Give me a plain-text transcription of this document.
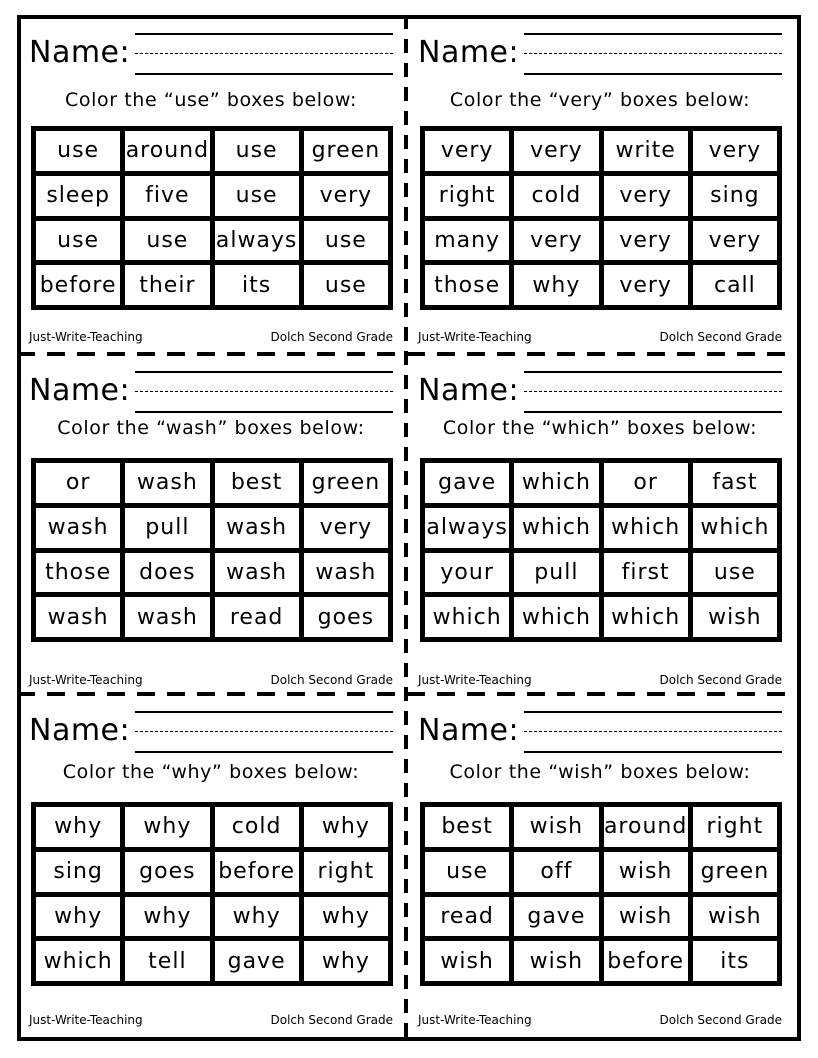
Name:
Color the “use” boxes below:
use	around	use	green
sleep	five	use	very
use	use	always	use
before	their	its	use
Just-Write-Teaching	Dolch Second Grade
Name:
Color the “very” boxes below:
very	very	write	very
right	cold	very	sing
many	very	very	very
those	why	very	call
Just-Write-Teaching	Dolch Second Grade
Name:
Color the “wash” boxes below:
or	wash	best	green
wash	pull	wash	very
those	does	wash	wash
wash	wash	read	goes
Just-Write-Teaching	Dolch Second Grade
Name:
Color the “which” boxes below:
gave	which	or	fast
always which which which
your	pull	first	use
which which which	wish
Just-Write-Teaching	Dolch Second Grade
Name:
Color the “why” boxes below:
why	why	cold	why
sing	goes	before	right
why	why	why	why
which	tell	gave	why
Just-Write-Teaching	Dolch Second Grade
Name:
Color the “wish” boxes below:
best	wish around right
use	off	wish	green
read	gave	wish	wish
wish	wish	before	its
Just-Write-Teaching	Dolch Second Grade
